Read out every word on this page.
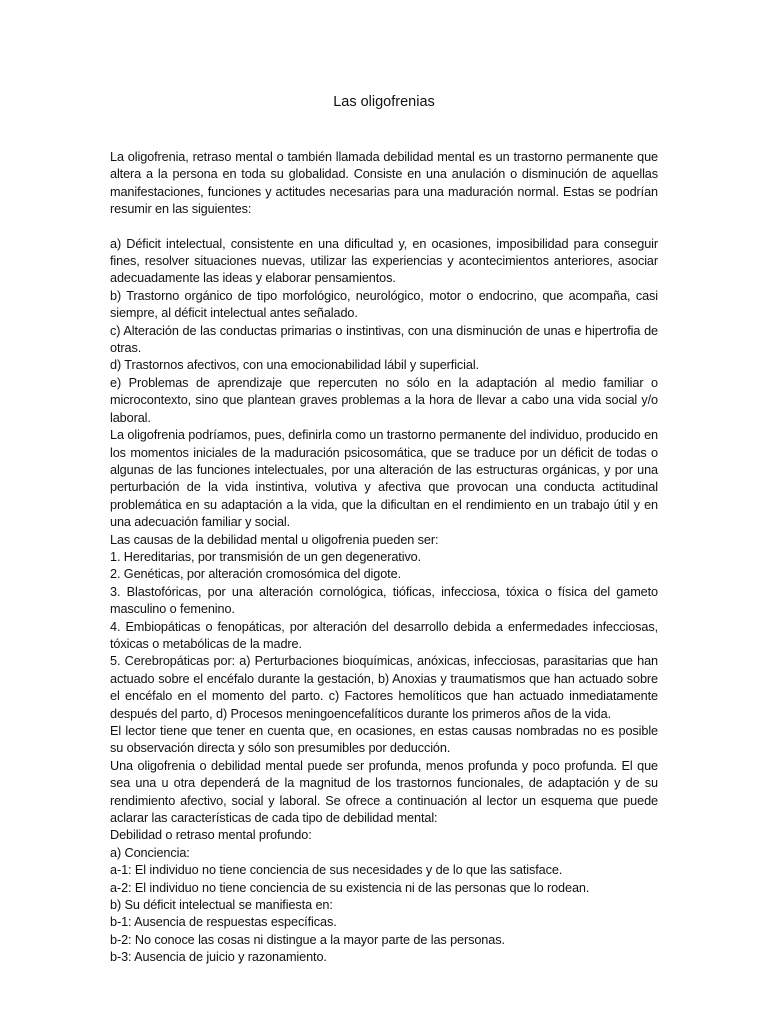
Las oligofrenias

La oligofrenia, retraso mental o también llamada debilidad mental es un trastorno permanente que altera a la persona en toda su globalidad. Consiste en una anulación o disminución de aquellas manifestaciones, funciones y actitudes necesarias para una maduración normal. Estas se podrían resumir en las siguientes:

a) Déficit intelectual, consistente en una dificultad y, en ocasiones, imposibilidad para conseguir fines, resolver situaciones nuevas, utilizar las experiencias y acontecimientos anteriores, asociar adecuadamente las ideas y elaborar pensamientos.

b) Trastorno orgánico de tipo morfológico, neurológico, motor o endocrino, que acompaña, casi siempre, al déficit intelectual antes señalado.

c) Alteración de las conductas primarias o instintivas, con una disminución de unas e hipertrofia de otras.

d) Trastornos afectivos, con una emocionabilidad lábil y superficial.

e) Problemas de aprendizaje que repercuten no sólo en la adaptación al medio familiar o microcontexto, sino que plantean graves problemas a la hora de llevar a cabo una vida social y/o laboral.

La oligofrenia podríamos, pues, definirla como un trastorno permanente del individuo, producido en los momentos iniciales de la maduración psicosomática, que se traduce por un déficit de todas o algunas de las funciones intelectuales, por una alteración de las estructuras orgánicas, y por una perturbación de la vida instintiva, volutiva y afectiva que provocan una conducta actitudinal problemática en su adaptación a la vida, que la dificultan en el rendimiento en un trabajo útil y en una adecuación familiar y social.

Las causas de la debilidad mental u oligofrenia pueden ser:

1. Hereditarias, por transmisión de un gen degenerativo.

2. Genéticas, por alteración cromosómica del digote.

3. Blastofóricas, por una alteración cornológica, tióficas, infecciosa, tóxica o física del gameto masculino o femenino.

4. Embiopáticas o fenopáticas, por alteración del desarrollo debida a enfermedades infecciosas, tóxicas o metabólicas de la madre.

5. Cerebropáticas por: a) Perturbaciones bioquímicas, anóxicas, infecciosas, parasitarias que han actuado sobre el encéfalo durante la gestación, b) Anoxias y traumatismos que han actuado sobre el encéfalo en el momento del parto. c) Factores hemolíticos que han actuado inmediatamente después del parto, d) Procesos meningoencefalíticos durante los primeros años de la vida.

El lector tiene que tener en cuenta que, en ocasiones, en estas causas nombradas no es posible su observación directa y sólo son presumibles por deducción.

Una oligofrenia o debilidad mental puede ser profunda, menos profunda y poco profunda. El que sea una u otra dependerá de la magnitud de los trastornos funcionales, de adaptación y de su rendimiento afectivo, social y laboral. Se ofrece a continuación al lector un esquema que puede aclarar las características de cada tipo de debilidad mental:

Debilidad o retraso mental profundo:

a) Conciencia:

a-1: El individuo no tiene conciencia de sus necesidades y de lo que las satisface.

a-2: El individuo no tiene conciencia de su existencia ni de las personas que lo rodean.

b) Su déficit intelectual se manifiesta en:

b-1: Ausencia de respuestas específicas.

b-2: No conoce las cosas ni distingue a la mayor parte de las personas.

b-3: Ausencia de juicio y razonamiento.
